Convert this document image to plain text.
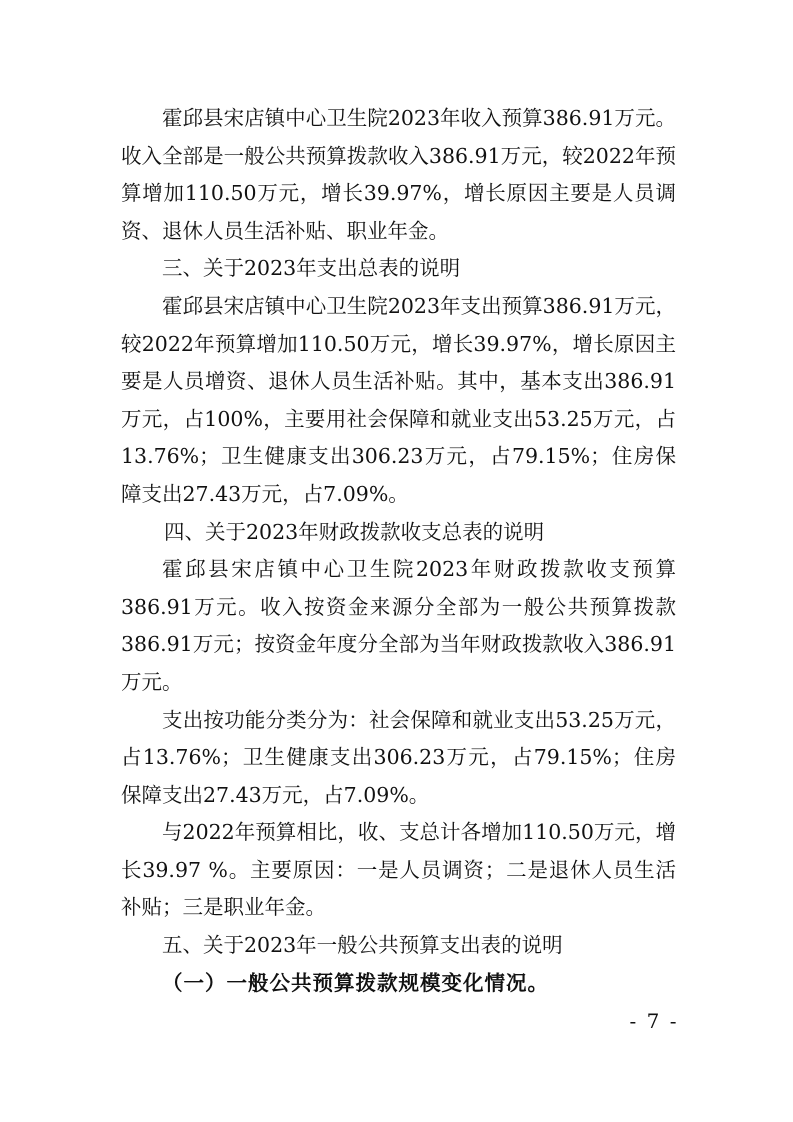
霍邱县宋店镇中心卫生院2023年收入预算386.91万元。收入全部是一般公共预算拨款收入386.91万元，较2022年预算增加110.50万元，增长39.97%，增长原因主要是人员调资、退休人员生活补贴、职业年金。

三、关于2023年支出总表的说明

霍邱县宋店镇中心卫生院2023年支出预算386.91万元，较2022年预算增加110.50万元，增长39.97%，增长原因主要是人员增资、退休人员生活补贴。其中，基本支出386.91万元，占100%，主要用社会保障和就业支出53.25万元，占13.76%；卫生健康支出306.23万元，占79.15%；住房保障支出27.43万元，占7.09%。

四、关于2023年财政拨款收支总表的说明

霍邱县宋店镇中心卫生院2023年财政拨款收支预算386.91万元。收入按资金来源分全部为一般公共预算拨款386.91万元；按资金年度分全部为当年财政拨款收入386.91万元。

支出按功能分类分为：社会保障和就业支出53.25万元，占13.76%；卫生健康支出306.23万元，占79.15%；住房保障支出27.43万元，占7.09%。

与2022年预算相比，收、支总计各增加110.50万元，增长39.97 %。主要原因：一是人员调资；二是退休人员生活补贴；三是职业年金。

五、关于2023年一般公共预算支出表的说明

（一）一般公共预算拨款规模变化情况。

- 7 -
